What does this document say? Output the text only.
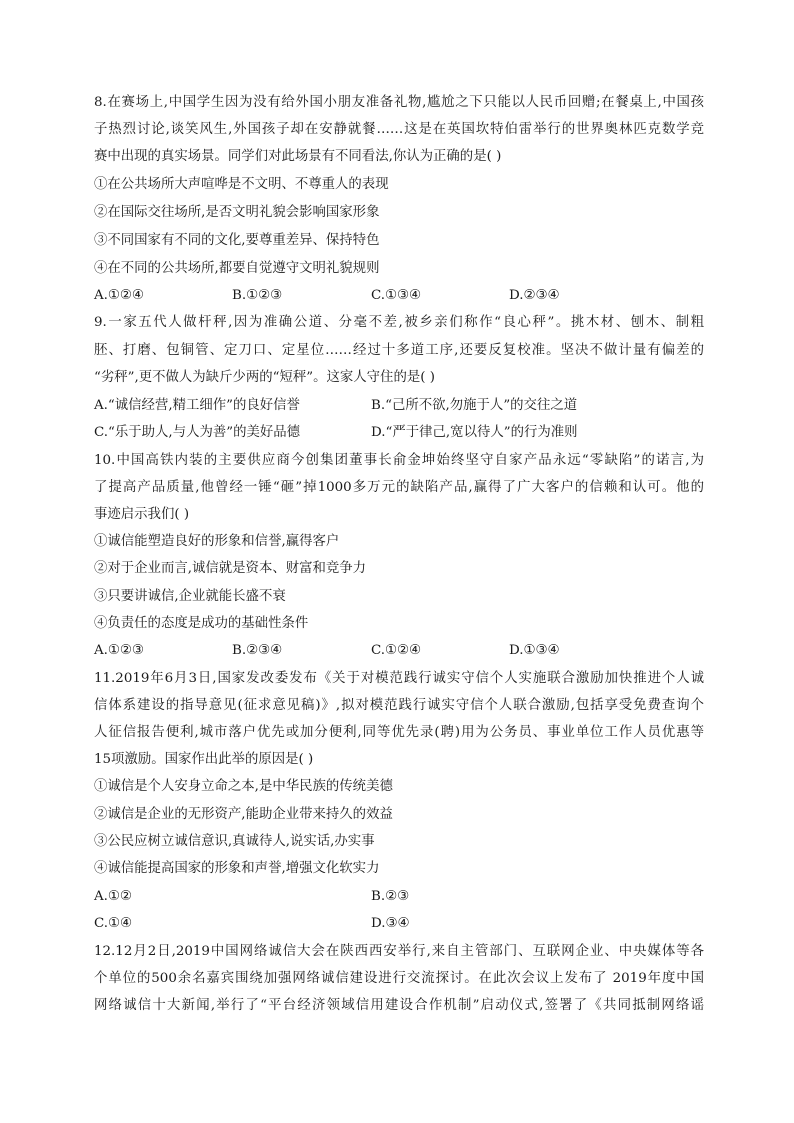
8.在赛场上,中国学生因为没有给外国小朋友准备礼物,尴尬之下只能以人民币回赠;在餐桌上,中国孩
子热烈讨论,谈笑风生,外国孩子却在安静就餐……这是在英国坎特伯雷举行的世界奥林匹克数学竞
赛中出现的真实场景。同学们对此场景有不同看法,你认为正确的是( )
①在公共场所大声喧哗是不文明、不尊重人的表现
②在国际交往场所,是否文明礼貌会影响国家形象
③不同国家有不同的文化,要尊重差异、保持特色
④在不同的公共场所,都要自觉遵守文明礼貌规则
A.①②④	B.①②③	C.①③④	D.②③④
9.一家五代人做杆秤,因为准确公道、分毫不差,被乡亲们称作“良心秤”。挑木材、刨木、制粗
胚、打磨、包铜管、定刀口、定星位……经过十多道工序,还要反复校准。坚决不做计量有偏差的
“劣秤”,更不做人为缺斤少两的“短秤”。这家人守住的是( )
A.“诚信经营,精工细作”的良好信誉	B.“己所不欲,勿施于人”的交往之道
C.“乐于助人,与人为善”的美好品德	D.“严于律己,宽以待人”的行为准则
10.中国高铁内装的主要供应商今创集团董事长俞金坤始终坚守自家产品永远“零缺陷”的诺言,为
了提高产品质量,他曾经一锤“砸”掉1000多万元的缺陷产品,赢得了广大客户的信赖和认可。他的
事迹启示我们( )
①诚信能塑造良好的形象和信誉,赢得客户
②对于企业而言,诚信就是资本、财富和竞争力
③只要讲诚信,企业就能长盛不衰
④负责任的态度是成功的基础性条件
A.①②③	B.②③④	C.①②④	D.①③④
11.2019年6月3日,国家发改委发布《关于对模范践行诚实守信个人实施联合激励加快推进个人诚
信体系建设的指导意见(征求意见稿)》,拟对模范践行诚实守信个人联合激励,包括享受免费查询个
人征信报告便利,城市落户优先或加分便利,同等优先录(聘)用为公务员、事业单位工作人员优惠等
15项激励。国家作出此举的原因是( )
①诚信是个人安身立命之本,是中华民族的传统美德
②诚信是企业的无形资产,能助企业带来持久的效益
③公民应树立诚信意识,真诚待人,说实话,办实事
④诚信能提高国家的形象和声誉,增强文化软实力
A.①②	B.②③
C.①④	D.③④
12.12月2日,2019中国网络诚信大会在陕西西安举行,来自主管部门、互联网企业、中央媒体等各
个单位的500余名嘉宾围绕加强网络诚信建设进行交流探讨。在此次会议上发布了 2019年度中国
网络诚信十大新闻,举行了“平台经济领域信用建设合作机制”启动仪式,签署了《共同抵制网络谣
